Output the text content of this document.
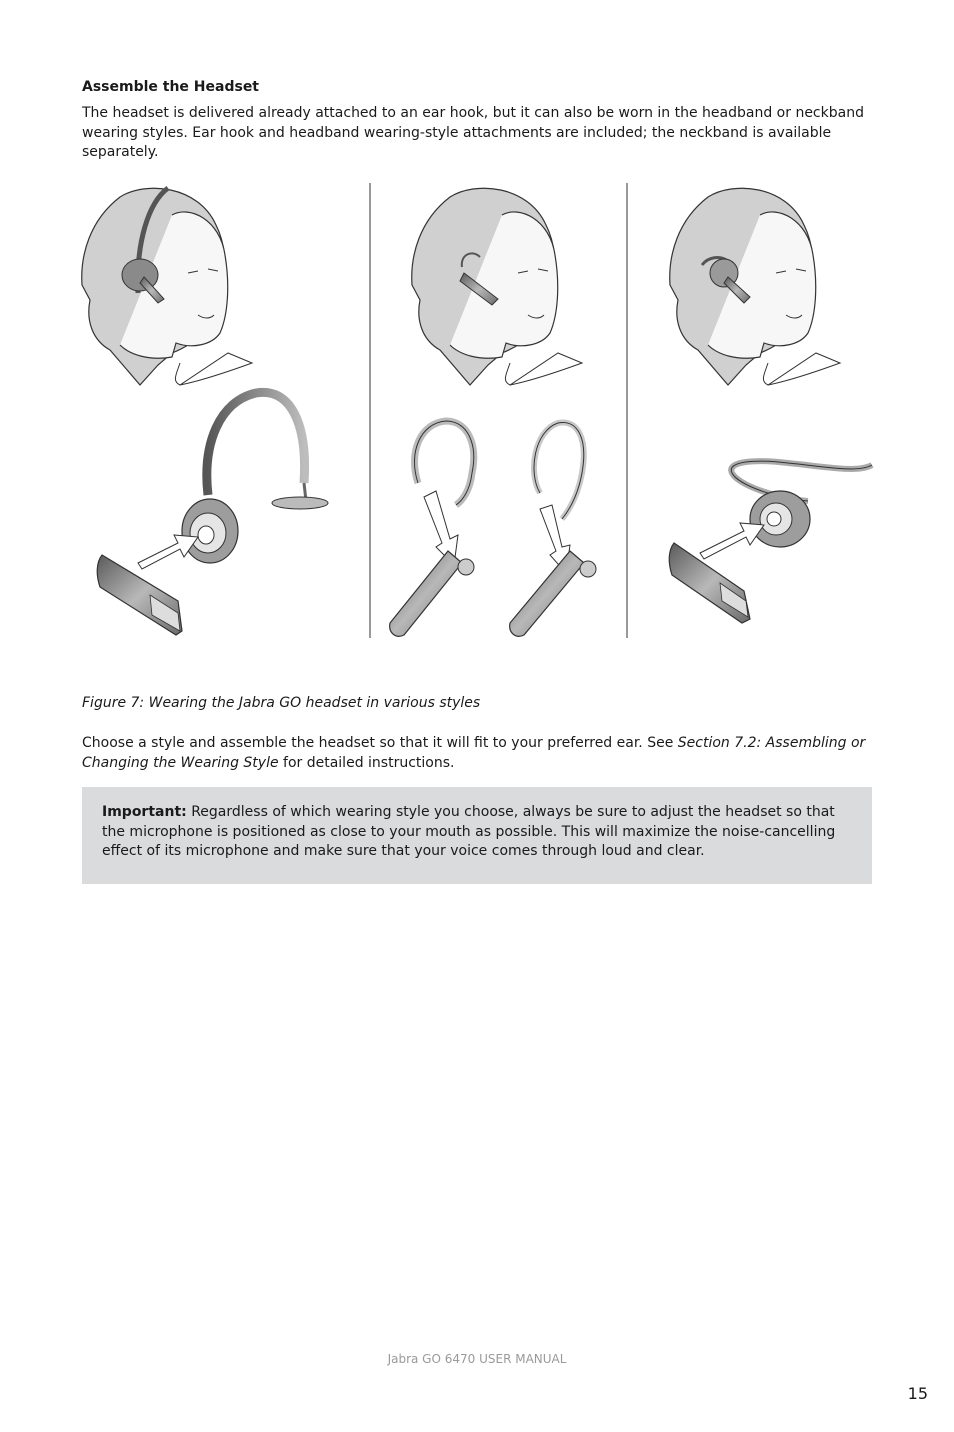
Assemble the Headset

The headset is delivered already attached to an ear hook, but it can also be worn in the headband or neckband wearing styles. Ear hook and headband wearing-style attachments are included; the neckband is available separately.

Figure 7: Wearing the Jabra GO headset in various styles

Choose a style and assemble the headset so that it will fit to your preferred ear. See Section 7.2: Assembling or Changing the Wearing Style for detailed instructions.

Important: Regardless of which wearing style you choose, always be sure to adjust the headset so that the microphone is positioned as close to your mouth as possible. This will maximize the noise-cancelling effect of its microphone and make sure that your voice comes through loud and clear.

Jabra GO 6470 USER MANUAL
15
